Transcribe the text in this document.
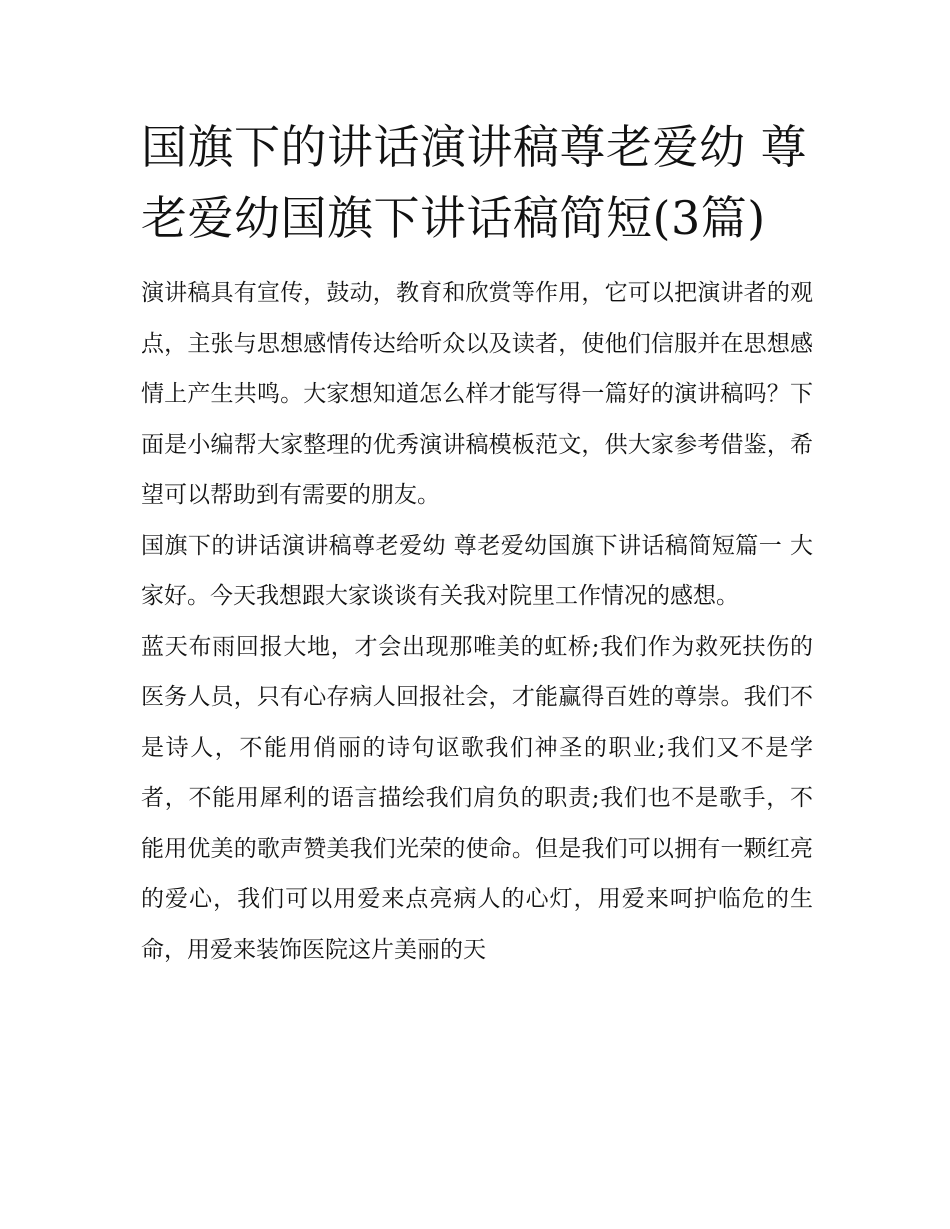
国旗下的讲话演讲稿尊老爱幼 尊老爱幼国旗下讲话稿简短(3篇)

演讲稿具有宣传，鼓动，教育和欣赏等作用，它可以把演讲者的观点，主张与思想感情传达给听众以及读者，使他们信服并在思想感情上产生共鸣。大家想知道怎么样才能写得一篇好的演讲稿吗？下面是小编帮大家整理的优秀演讲稿模板范文，供大家参考借鉴，希望可以帮助到有需要的朋友。

国旗下的讲话演讲稿尊老爱幼 尊老爱幼国旗下讲话稿简短篇一 大家好。今天我想跟大家谈谈有关我对院里工作情况的感想。

蓝天布雨回报大地，才会出现那唯美的虹桥;我们作为救死扶伤的医务人员，只有心存病人回报社会，才能赢得百姓的尊崇。我们不是诗人，不能用俏丽的诗句讴歌我们神圣的职业;我们又不是学者，不能用犀利的语言描绘我们肩负的职责;我们也不是歌手，不能用优美的歌声赞美我们光荣的使命。但是我们可以拥有一颗红亮的爱心，我们可以用爱来点亮病人的心灯，用爱来呵护临危的生命，用爱来装饰医院这片美丽的天
